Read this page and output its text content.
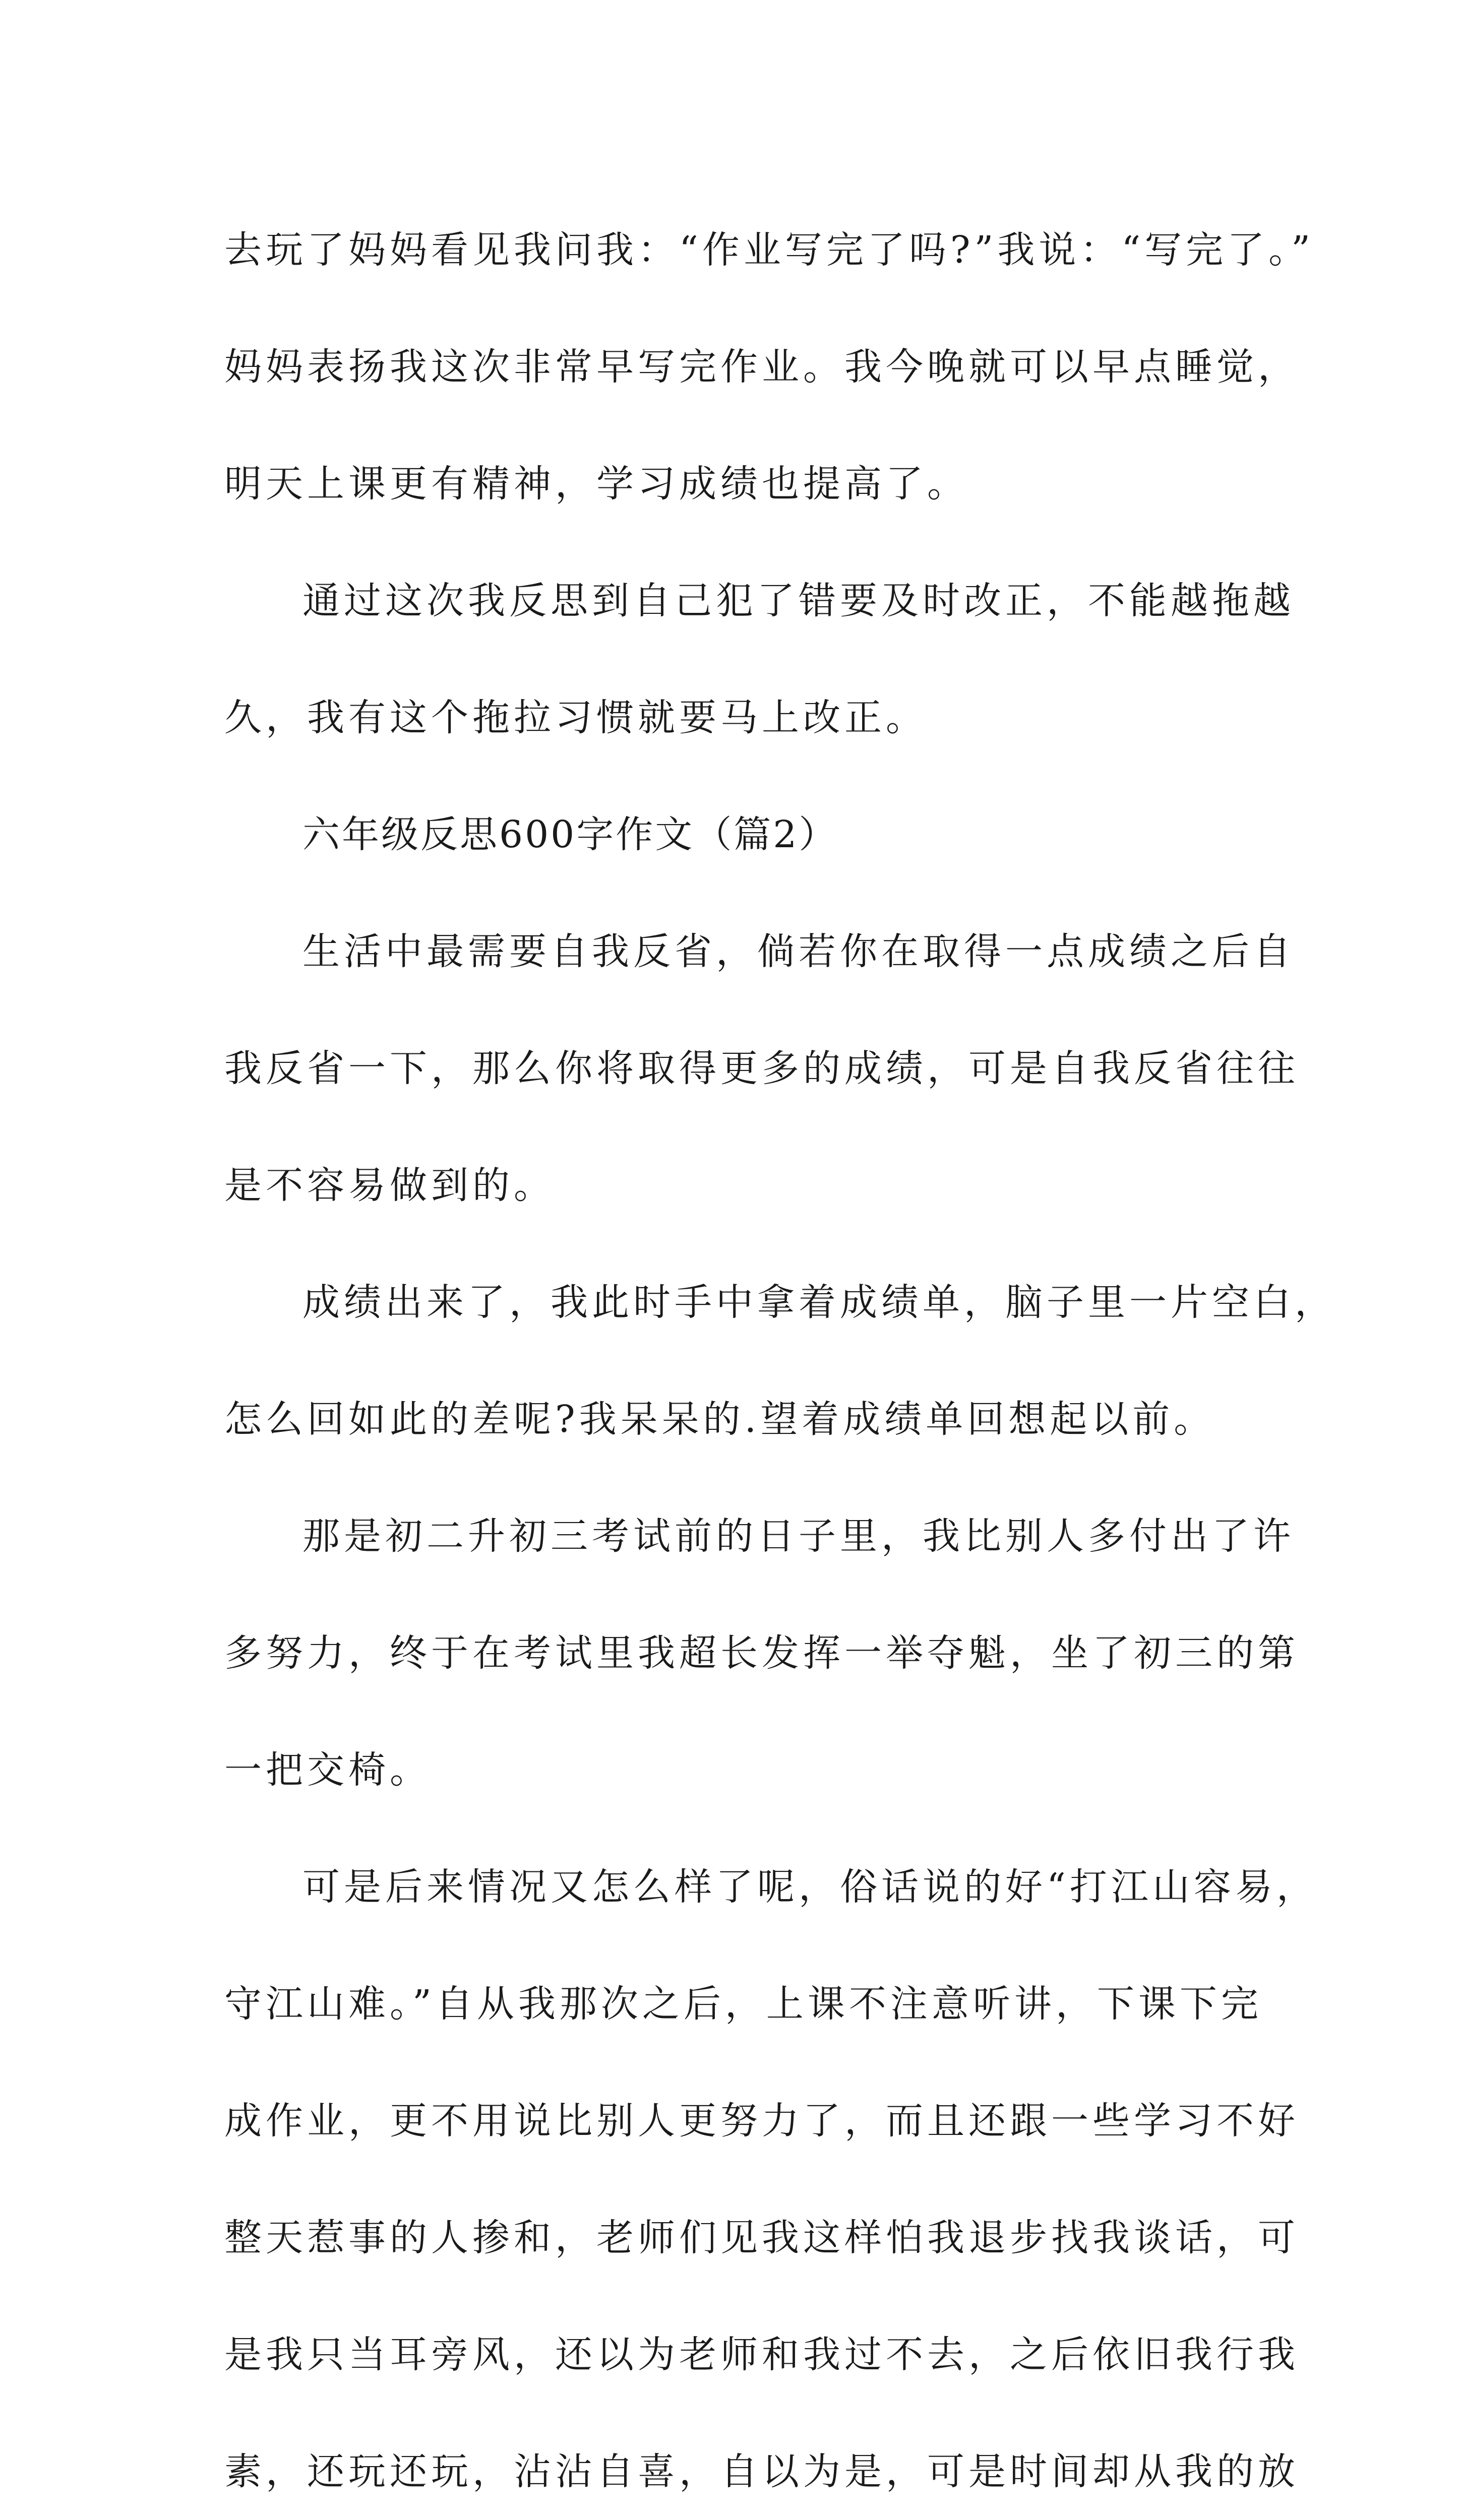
去玩了妈妈看见我问我：“作业写完了吗?”我说：“写完了。”
妈妈表扬我这次非常早写完作业。我今晚就可以早点睡觉，
明天上课更有精神，学习成绩也提高了。
通过这次我反思到自己犯了错要及时改正，不能越拖越
久，我有这个拖拉习惯就要马上改正。
六年级反思600字作文（篇2）
生活中最需要自我反省，倘若你在取得一点成绩之后自
我反省一下，那么你将取得更多的成绩，可是自我反省往往
是不容易做到的。
成绩出来了，我此时手中拿着成绩单，脑子里一片空白，
怎么回如此的差呢?我呆呆的.望着成绩单回想起以前。
那是初二升初三考试前的日子里，我比别人多付出了许
多努力，终于在考试里我超长发挥一举夺魁，坐了初三的第
一把交椅。
可是后来情况又怎么样了呢，俗话说的好“打江山容易，
守江山难。”自从我那次之后，上课不注意听讲，下课下完
成作业，更不用说比别人更努力了，而且还跟一些学习不好
整天惹事的人掺和，老师们见我这样怕我退步找我谈话，可
是我只当耳旁风，还以为老师和我过不去，之后依旧我行我
素，还玩还玩，沾沾自喜，自以为是，可是时间却从我的放
